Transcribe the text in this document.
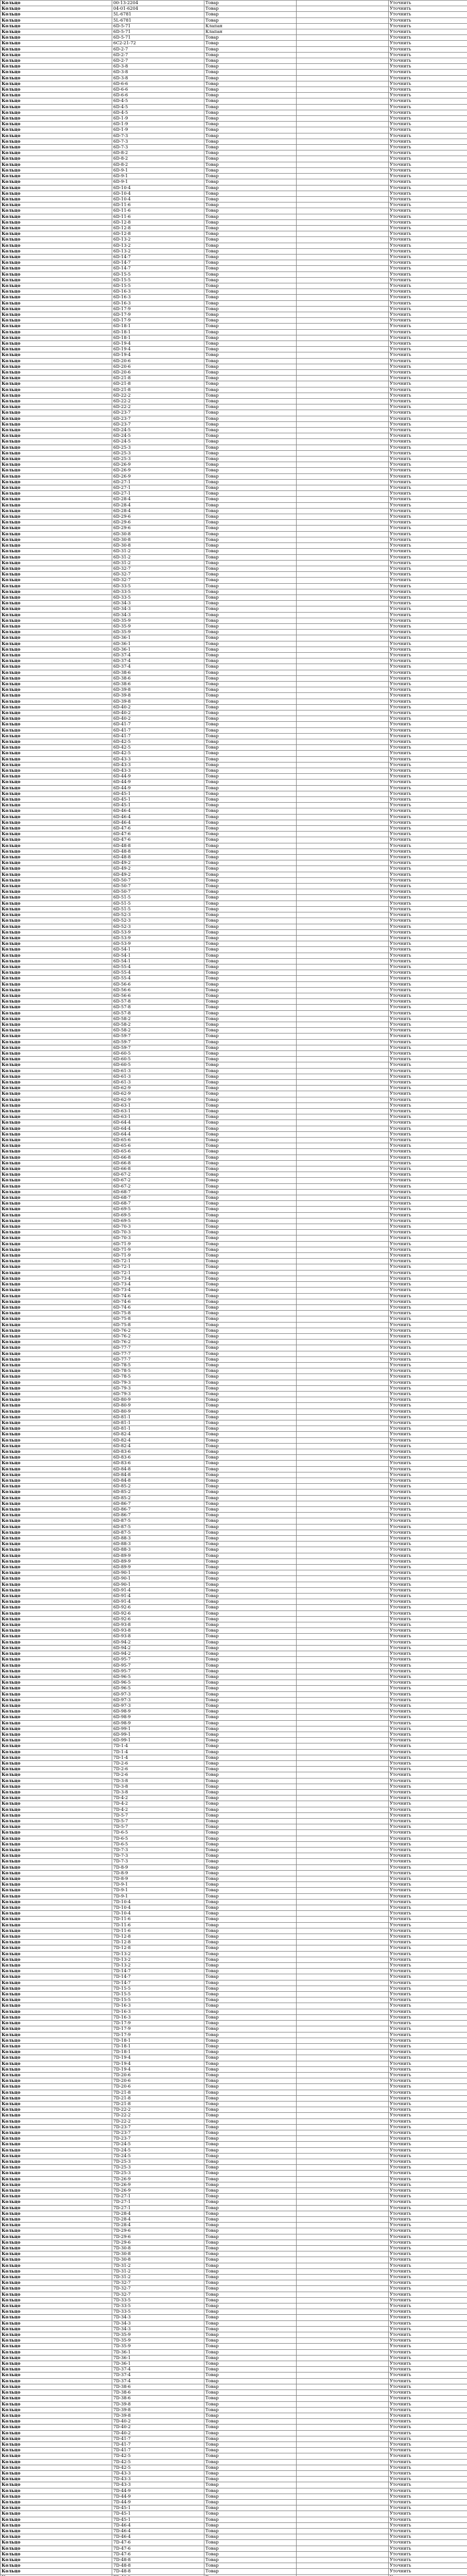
Кольцо	00-13-2204	Товар		Уточнить
Кольцо	04-01-6204	Товар		Уточнить
Кольцо	5L-6781	Товар		Уточнить
Кольцо	5L-6781	Товар		Уточнить
Кольцо	6D-5-71	Клапан		Уточнить
Кольцо	6D-5-71	Клапан		Уточнить
Кольцо	6D-5-71	Товар		Уточнить
Кольцо	6C2-21-72	Товар		Уточнить
Кольцо	6D-2-7	Товар		Уточнить
Кольцо	6D-2-7	Товар		Уточнить
Кольцо	6D-2-7	Товар		Уточнить
Кольцо	6D-3-8	Товар		Уточнить
Кольцо	6D-3-8	Товар		Уточнить
Кольцо	6D-3-8	Товар		Уточнить
Кольцо	6D-6-6	Товар		Уточнить
Кольцо	6D-6-6	Товар		Уточнить
Кольцо	6D-6-6	Товар		Уточнить
Кольцо	6D-4-5	Товар		Уточнить
Кольцо	6D-4-5	Товар		Уточнить
Кольцо	6D-4-5	Товар		Уточнить
Кольцо	6D-1-9	Товар		Уточнить
Кольцо	6D-1-9	Товар		Уточнить
Кольцо	6D-1-9	Товар		Уточнить
Кольцо	6D-7-3	Товар		Уточнить
Кольцо	6D-7-3	Товар		Уточнить
Кольцо	6D-7-3	Товар		Уточнить
Кольцо	6D-8-2	Товар		Уточнить
Кольцо	6D-8-2	Товар		Уточнить
Кольцо	6D-8-2	Товар		Уточнить
Кольцо	6D-9-1	Товар		Уточнить
Кольцо	6D-9-1	Товар		Уточнить
Кольцо	6D-9-1	Товар		Уточнить
Кольцо	6D-10-4	Товар		Уточнить
Кольцо	6D-10-4	Товар		Уточнить
Кольцо	6D-10-4	Товар		Уточнить
Кольцо	6D-11-6	Товар		Уточнить
Кольцо	6D-11-6	Товар		Уточнить
Кольцо	6D-11-6	Товар		Уточнить
Кольцо	6D-12-8	Товар		Уточнить
Кольцо	6D-12-8	Товар		Уточнить
Кольцо	6D-12-8	Товар		Уточнить
Кольцо	6D-13-2	Товар		Уточнить
Кольцо	6D-13-2	Товар		Уточнить
Кольцо	6D-13-2	Товар		Уточнить
Кольцо	6D-14-7	Товар		Уточнить
Кольцо	6D-14-7	Товар		Уточнить
Кольцо	6D-14-7	Товар		Уточнить
Кольцо	6D-15-5	Товар		Уточнить
Кольцо	6D-15-5	Товар		Уточнить
Кольцо	6D-15-5	Товар		Уточнить
Кольцо	6D-16-3	Товар		Уточнить
Кольцо	6D-16-3	Товар		Уточнить
Кольцо	6D-16-3	Товар		Уточнить
Кольцо	6D-17-9	Товар		Уточнить
Кольцо	6D-17-9	Товар		Уточнить
Кольцо	6D-17-9	Товар		Уточнить
Кольцо	6D-18-1	Товар		Уточнить
Кольцо	6D-18-1	Товар		Уточнить
Кольцо	6D-18-1	Товар		Уточнить
Кольцо	6D-19-4	Товар		Уточнить
Кольцо	6D-19-4	Товар		Уточнить
Кольцо	6D-19-4	Товар		Уточнить
Кольцо	6D-20-6	Товар		Уточнить
Кольцо	6D-20-6	Товар		Уточнить
Кольцо	6D-20-6	Товар		Уточнить
Кольцо	6D-21-8	Товар		Уточнить
Кольцо	6D-21-8	Товар		Уточнить
Кольцо	6D-21-8	Товар		Уточнить
Кольцо	6D-22-2	Товар		Уточнить
Кольцо	6D-22-2	Товар		Уточнить
Кольцо	6D-22-2	Товар		Уточнить
Кольцо	6D-23-7	Товар		Уточнить
Кольцо	6D-23-7	Товар		Уточнить
Кольцо	6D-23-7	Товар		Уточнить
Кольцо	6D-24-5	Товар		Уточнить
Кольцо	6D-24-5	Товар		Уточнить
Кольцо	6D-24-5	Товар		Уточнить
Кольцо	6D-25-3	Товар		Уточнить
Кольцо	6D-25-3	Товар		Уточнить
Кольцо	6D-25-3	Товар		Уточнить
Кольцо	6D-26-9	Товар		Уточнить
Кольцо	6D-26-9	Товар		Уточнить
Кольцо	6D-26-9	Товар		Уточнить
Кольцо	6D-27-1	Товар		Уточнить
Кольцо	6D-27-1	Товар		Уточнить
Кольцо	6D-27-1	Товар		Уточнить
Кольцо	6D-28-4	Товар		Уточнить
Кольцо	6D-28-4	Товар		Уточнить
Кольцо	6D-28-4	Товар		Уточнить
Кольцо	6D-29-6	Товар		Уточнить
Кольцо	6D-29-6	Товар		Уточнить
Кольцо	6D-29-6	Товар		Уточнить
Кольцо	6D-30-8	Товар		Уточнить
Кольцо	6D-30-8	Товар		Уточнить
Кольцо	6D-30-8	Товар		Уточнить
Кольцо	6D-31-2	Товар		Уточнить
Кольцо	6D-31-2	Товар		Уточнить
Кольцо	6D-31-2	Товар		Уточнить
Кольцо	6D-32-7	Товар		Уточнить
Кольцо	6D-32-7	Товар		Уточнить
Кольцо	6D-32-7	Товар		Уточнить
Кольцо	6D-33-5	Товар		Уточнить
Кольцо	6D-33-5	Товар		Уточнить
Кольцо	6D-33-5	Товар		Уточнить
Кольцо	6D-34-3	Товар		Уточнить
Кольцо	6D-34-3	Товар		Уточнить
Кольцо	6D-34-3	Товар		Уточнить
Кольцо	6D-35-9	Товар		Уточнить
Кольцо	6D-35-9	Товар		Уточнить
Кольцо	6D-35-9	Товар		Уточнить
Кольцо	6D-36-1	Товар		Уточнить
Кольцо	6D-36-1	Товар		Уточнить
Кольцо	6D-36-1	Товар		Уточнить
Кольцо	6D-37-4	Товар		Уточнить
Кольцо	6D-37-4	Товар		Уточнить
Кольцо	6D-37-4	Товар		Уточнить
Кольцо	6D-38-6	Товар		Уточнить
Кольцо	6D-38-6	Товар		Уточнить
Кольцо	6D-38-6	Товар		Уточнить
Кольцо	6D-39-8	Товар		Уточнить
Кольцо	6D-39-8	Товар		Уточнить
Кольцо	6D-39-8	Товар		Уточнить
Кольцо	6D-40-2	Товар		Уточнить
Кольцо	6D-40-2	Товар		Уточнить
Кольцо	6D-40-2	Товар		Уточнить
Кольцо	6D-41-7	Товар		Уточнить
Кольцо	6D-41-7	Товар		Уточнить
Кольцо	6D-41-7	Товар		Уточнить
Кольцо	6D-42-5	Товар		Уточнить
Кольцо	6D-42-5	Товар		Уточнить
Кольцо	6D-42-5	Товар		Уточнить
Кольцо	6D-43-3	Товар		Уточнить
Кольцо	6D-43-3	Товар		Уточнить
Кольцо	6D-43-3	Товар		Уточнить
Кольцо	6D-44-9	Товар		Уточнить
Кольцо	6D-44-9	Товар		Уточнить
Кольцо	6D-44-9	Товар		Уточнить
Кольцо	6D-45-1	Товар		Уточнить
Кольцо	6D-45-1	Товар		Уточнить
Кольцо	6D-45-1	Товар		Уточнить
Кольцо	6D-46-4	Товар		Уточнить
Кольцо	6D-46-4	Товар		Уточнить
Кольцо	6D-46-4	Товар		Уточнить
Кольцо	6D-47-6	Товар		Уточнить
Кольцо	6D-47-6	Товар		Уточнить
Кольцо	6D-47-6	Товар		Уточнить
Кольцо	6D-48-8	Товар		Уточнить
Кольцо	6D-48-8	Товар		Уточнить
Кольцо	6D-48-8	Товар		Уточнить
Кольцо	6D-49-2	Товар		Уточнить
Кольцо	6D-49-2	Товар		Уточнить
Кольцо	6D-49-2	Товар		Уточнить
Кольцо	6D-50-7	Товар		Уточнить
Кольцо	6D-50-7	Товар		Уточнить
Кольцо	6D-50-7	Товар		Уточнить
Кольцо	6D-51-5	Товар		Уточнить
Кольцо	6D-51-5	Товар		Уточнить
Кольцо	6D-51-5	Товар		Уточнить
Кольцо	6D-52-3	Товар		Уточнить
Кольцо	6D-52-3	Товар		Уточнить
Кольцо	6D-52-3	Товар		Уточнить
Кольцо	6D-53-9	Товар		Уточнить
Кольцо	6D-53-9	Товар		Уточнить
Кольцо	6D-53-9	Товар		Уточнить
Кольцо	6D-54-1	Товар		Уточнить
Кольцо	6D-54-1	Товар		Уточнить
Кольцо	6D-54-1	Товар		Уточнить
Кольцо	6D-55-4	Товар		Уточнить
Кольцо	6D-55-4	Товар		Уточнить
Кольцо	6D-55-4	Товар		Уточнить
Кольцо	6D-56-6	Товар		Уточнить
Кольцо	6D-56-6	Товар		Уточнить
Кольцо	6D-56-6	Товар		Уточнить
Кольцо	6D-57-8	Товар		Уточнить
Кольцо	6D-57-8	Товар		Уточнить
Кольцо	6D-57-8	Товар		Уточнить
Кольцо	6D-58-2	Товар		Уточнить
Кольцо	6D-58-2	Товар		Уточнить
Кольцо	6D-58-2	Товар		Уточнить
Кольцо	6D-59-7	Товар		Уточнить
Кольцо	6D-59-7	Товар		Уточнить
Кольцо	6D-59-7	Товар		Уточнить
Кольцо	6D-60-5	Товар		Уточнить
Кольцо	6D-60-5	Товар		Уточнить
Кольцо	6D-60-5	Товар		Уточнить
Кольцо	6D-61-3	Товар		Уточнить
Кольцо	6D-61-3	Товар		Уточнить
Кольцо	6D-61-3	Товар		Уточнить
Кольцо	6D-62-9	Товар		Уточнить
Кольцо	6D-62-9	Товар		Уточнить
Кольцо	6D-62-9	Товар		Уточнить
Кольцо	6D-63-1	Товар		Уточнить
Кольцо	6D-63-1	Товар		Уточнить
Кольцо	6D-63-1	Товар		Уточнить
Кольцо	6D-64-4	Товар		Уточнить
Кольцо	6D-64-4	Товар		Уточнить
Кольцо	6D-64-4	Товар		Уточнить
Кольцо	6D-65-6	Товар		Уточнить
Кольцо	6D-65-6	Товар		Уточнить
Кольцо	6D-65-6	Товар		Уточнить
Кольцо	6D-66-8	Товар		Уточнить
Кольцо	6D-66-8	Товар		Уточнить
Кольцо	6D-66-8	Товар		Уточнить
Кольцо	6D-67-2	Товар		Уточнить
Кольцо	6D-67-2	Товар		Уточнить
Кольцо	6D-67-2	Товар		Уточнить
Кольцо	6D-68-7	Товар		Уточнить
Кольцо	6D-68-7	Товар		Уточнить
Кольцо	6D-68-7	Товар		Уточнить
Кольцо	6D-69-5	Товар		Уточнить
Кольцо	6D-69-5	Товар		Уточнить
Кольцо	6D-69-5	Товар		Уточнить
Кольцо	6D-70-3	Товар		Уточнить
Кольцо	6D-70-3	Товар		Уточнить
Кольцо	6D-70-3	Товар		Уточнить
Кольцо	6D-71-9	Товар		Уточнить
Кольцо	6D-71-9	Товар		Уточнить
Кольцо	6D-71-9	Товар		Уточнить
Кольцо	6D-72-1	Товар		Уточнить
Кольцо	6D-72-1	Товар		Уточнить
Кольцо	6D-72-1	Товар		Уточнить
Кольцо	6D-73-4	Товар		Уточнить
Кольцо	6D-73-4	Товар		Уточнить
Кольцо	6D-73-4	Товар		Уточнить
Кольцо	6D-74-6	Товар		Уточнить
Кольцо	6D-74-6	Товар		Уточнить
Кольцо	6D-74-6	Товар		Уточнить
Кольцо	6D-75-8	Товар		Уточнить
Кольцо	6D-75-8	Товар		Уточнить
Кольцо	6D-75-8	Товар		Уточнить
Кольцо	6D-76-2	Товар		Уточнить
Кольцо	6D-76-2	Товар		Уточнить
Кольцо	6D-76-2	Товар		Уточнить
Кольцо	6D-77-7	Товар		Уточнить
Кольцо	6D-77-7	Товар		Уточнить
Кольцо	6D-77-7	Товар		Уточнить
Кольцо	6D-78-5	Товар		Уточнить
Кольцо	6D-78-5	Товар		Уточнить
Кольцо	6D-78-5	Товар		Уточнить
Кольцо	6D-79-3	Товар		Уточнить
Кольцо	6D-79-3	Товар		Уточнить
Кольцо	6D-79-3	Товар		Уточнить
Кольцо	6D-80-9	Товар		Уточнить
Кольцо	6D-80-9	Товар		Уточнить
Кольцо	6D-80-9	Товар		Уточнить
Кольцо	6D-81-1	Товар		Уточнить
Кольцо	6D-81-1	Товар		Уточнить
Кольцо	6D-81-1	Товар		Уточнить
Кольцо	6D-82-4	Товар		Уточнить
Кольцо	6D-82-4	Товар		Уточнить
Кольцо	6D-82-4	Товар		Уточнить
Кольцо	6D-83-6	Товар		Уточнить
Кольцо	6D-83-6	Товар		Уточнить
Кольцо	6D-83-6	Товар		Уточнить
Кольцо	6D-84-8	Товар		Уточнить
Кольцо	6D-84-8	Товар		Уточнить
Кольцо	6D-84-8	Товар		Уточнить
Кольцо	6D-85-2	Товар		Уточнить
Кольцо	6D-85-2	Товар		Уточнить
Кольцо	6D-85-2	Товар		Уточнить
Кольцо	6D-86-7	Товар		Уточнить
Кольцо	6D-86-7	Товар		Уточнить
Кольцо	6D-86-7	Товар		Уточнить
Кольцо	6D-87-5	Товар		Уточнить
Кольцо	6D-87-5	Товар		Уточнить
Кольцо	6D-87-5	Товар		Уточнить
Кольцо	6D-88-3	Товар		Уточнить
Кольцо	6D-88-3	Товар		Уточнить
Кольцо	6D-88-3	Товар		Уточнить
Кольцо	6D-89-9	Товар		Уточнить
Кольцо	6D-89-9	Товар		Уточнить
Кольцо	6D-89-9	Товар		Уточнить
Кольцо	6D-90-1	Товар		Уточнить
Кольцо	6D-90-1	Товар		Уточнить
Кольцо	6D-90-1	Товар		Уточнить
Кольцо	6D-91-4	Товар		Уточнить
Кольцо	6D-91-4	Товар		Уточнить
Кольцо	6D-91-4	Товар		Уточнить
Кольцо	6D-92-6	Товар		Уточнить
Кольцо	6D-92-6	Товар		Уточнить
Кольцо	6D-92-6	Товар		Уточнить
Кольцо	6D-93-8	Товар		Уточнить
Кольцо	6D-93-8	Товар		Уточнить
Кольцо	6D-93-8	Товар		Уточнить
Кольцо	6D-94-2	Товар		Уточнить
Кольцо	6D-94-2	Товар		Уточнить
Кольцо	6D-94-2	Товар		Уточнить
Кольцо	6D-95-7	Товар		Уточнить
Кольцо	6D-95-7	Товар		Уточнить
Кольцо	6D-95-7	Товар		Уточнить
Кольцо	6D-96-5	Товар		Уточнить
Кольцо	6D-96-5	Товар		Уточнить
Кольцо	6D-96-5	Товар		Уточнить
Кольцо	6D-97-3	Товар		Уточнить
Кольцо	6D-97-3	Товар		Уточнить
Кольцо	6D-97-3	Товар		Уточнить
Кольцо	6D-98-9	Товар		Уточнить
Кольцо	6D-98-9	Товар		Уточнить
Кольцо	6D-98-9	Товар		Уточнить
Кольцо	6D-99-1	Товар		Уточнить
Кольцо	6D-99-1	Товар		Уточнить
Кольцо	6D-99-1	Товар		Уточнить
Кольцо	7D-1-4	Товар		Уточнить
Кольцо	7D-1-4	Товар		Уточнить
Кольцо	7D-1-4	Товар		Уточнить
Кольцо	7D-2-6	Товар		Уточнить
Кольцо	7D-2-6	Товар		Уточнить
Кольцо	7D-2-6	Товар		Уточнить
Кольцо	7D-3-8	Товар		Уточнить
Кольцо	7D-3-8	Товар		Уточнить
Кольцо	7D-3-8	Товар		Уточнить
Кольцо	7D-4-2	Товар		Уточнить
Кольцо	7D-4-2	Товар		Уточнить
Кольцо	7D-4-2	Товар		Уточнить
Кольцо	7D-5-7	Товар		Уточнить
Кольцо	7D-5-7	Товар		Уточнить
Кольцо	7D-5-7	Товар		Уточнить
Кольцо	7D-6-5	Товар		Уточнить
Кольцо	7D-6-5	Товар		Уточнить
Кольцо	7D-6-5	Товар		Уточнить
Кольцо	7D-7-3	Товар		Уточнить
Кольцо	7D-7-3	Товар		Уточнить
Кольцо	7D-7-3	Товар		Уточнить
Кольцо	7D-8-9	Товар		Уточнить
Кольцо	7D-8-9	Товар		Уточнить
Кольцо	7D-8-9	Товар		Уточнить
Кольцо	7D-9-1	Товар		Уточнить
Кольцо	7D-9-1	Товар		Уточнить
Кольцо	7D-9-1	Товар		Уточнить
Кольцо	7D-10-4	Товар		Уточнить
Кольцо	7D-10-4	Товар		Уточнить
Кольцо	7D-10-4	Товар		Уточнить
Кольцо	7D-11-6	Товар		Уточнить
Кольцо	7D-11-6	Товар		Уточнить
Кольцо	7D-11-6	Товар		Уточнить
Кольцо	7D-12-8	Товар		Уточнить
Кольцо	7D-12-8	Товар		Уточнить
Кольцо	7D-12-8	Товар		Уточнить
Кольцо	7D-13-2	Товар		Уточнить
Кольцо	7D-13-2	Товар		Уточнить
Кольцо	7D-13-2	Товар		Уточнить
Кольцо	7D-14-7	Товар		Уточнить
Кольцо	7D-14-7	Товар		Уточнить
Кольцо	7D-14-7	Товар		Уточнить
Кольцо	7D-15-5	Товар		Уточнить
Кольцо	7D-15-5	Товар		Уточнить
Кольцо	7D-15-5	Товар		Уточнить
Кольцо	7D-16-3	Товар		Уточнить
Кольцо	7D-16-3	Товар		Уточнить
Кольцо	7D-16-3	Товар		Уточнить
Кольцо	7D-17-9	Товар		Уточнить
Кольцо	7D-17-9	Товар		Уточнить
Кольцо	7D-17-9	Товар		Уточнить
Кольцо	7D-18-1	Товар		Уточнить
Кольцо	7D-18-1	Товар		Уточнить
Кольцо	7D-18-1	Товар		Уточнить
Кольцо	7D-19-4	Товар		Уточнить
Кольцо	7D-19-4	Товар		Уточнить
Кольцо	7D-19-4	Товар		Уточнить
Кольцо	7D-20-6	Товар		Уточнить
Кольцо	7D-20-6	Товар		Уточнить
Кольцо	7D-20-6	Товар		Уточнить
Кольцо	7D-21-8	Товар		Уточнить
Кольцо	7D-21-8	Товар		Уточнить
Кольцо	7D-21-8	Товар		Уточнить
Кольцо	7D-22-2	Товар		Уточнить
Кольцо	7D-22-2	Товар		Уточнить
Кольцо	7D-22-2	Товар		Уточнить
Кольцо	7D-23-7	Товар		Уточнить
Кольцо	7D-23-7	Товар		Уточнить
Кольцо	7D-23-7	Товар		Уточнить
Кольцо	7D-24-5	Товар		Уточнить
Кольцо	7D-24-5	Товар		Уточнить
Кольцо	7D-24-5	Товар		Уточнить
Кольцо	7D-25-3	Товар		Уточнить
Кольцо	7D-25-3	Товар		Уточнить
Кольцо	7D-25-3	Товар		Уточнить
Кольцо	7D-26-9	Товар		Уточнить
Кольцо	7D-26-9	Товар		Уточнить
Кольцо	7D-26-9	Товар		Уточнить
Кольцо	7D-27-1	Товар		Уточнить
Кольцо	7D-27-1	Товар		Уточнить
Кольцо	7D-27-1	Товар		Уточнить
Кольцо	7D-28-4	Товар		Уточнить
Кольцо	7D-28-4	Товар		Уточнить
Кольцо	7D-28-4	Товар		Уточнить
Кольцо	7D-29-6	Товар		Уточнить
Кольцо	7D-29-6	Товар		Уточнить
Кольцо	7D-29-6	Товар		Уточнить
Кольцо	7D-30-8	Товар		Уточнить
Кольцо	7D-30-8	Товар		Уточнить
Кольцо	7D-30-8	Товар		Уточнить
Кольцо	7D-31-2	Товар		Уточнить
Кольцо	7D-31-2	Товар		Уточнить
Кольцо	7D-31-2	Товар		Уточнить
Кольцо	7D-32-7	Товар		Уточнить
Кольцо	7D-32-7	Товар		Уточнить
Кольцо	7D-32-7	Товар		Уточнить
Кольцо	7D-33-5	Товар		Уточнить
Кольцо	7D-33-5	Товар		Уточнить
Кольцо	7D-33-5	Товар		Уточнить
Кольцо	7D-34-3	Товар		Уточнить
Кольцо	7D-34-3	Товар		Уточнить
Кольцо	7D-34-3	Товар		Уточнить
Кольцо	7D-35-9	Товар		Уточнить
Кольцо	7D-35-9	Товар		Уточнить
Кольцо	7D-35-9	Товар		Уточнить
Кольцо	7D-36-1	Товар		Уточнить
Кольцо	7D-36-1	Товар		Уточнить
Кольцо	7D-36-1	Товар		Уточнить
Кольцо	7D-37-4	Товар		Уточнить
Кольцо	7D-37-4	Товар		Уточнить
Кольцо	7D-37-4	Товар		Уточнить
Кольцо	7D-38-6	Товар		Уточнить
Кольцо	7D-38-6	Товар		Уточнить
Кольцо	7D-38-6	Товар		Уточнить
Кольцо	7D-39-8	Товар		Уточнить
Кольцо	7D-39-8	Товар		Уточнить
Кольцо	7D-39-8	Товар		Уточнить
Кольцо	7D-40-2	Товар		Уточнить
Кольцо	7D-40-2	Товар		Уточнить
Кольцо	7D-40-2	Товар		Уточнить
Кольцо	7D-41-7	Товар		Уточнить
Кольцо	7D-41-7	Товар		Уточнить
Кольцо	7D-41-7	Товар		Уточнить
Кольцо	7D-42-5	Товар		Уточнить
Кольцо	7D-42-5	Товар		Уточнить
Кольцо	7D-42-5	Товар		Уточнить
Кольцо	7D-43-3	Товар		Уточнить
Кольцо	7D-43-3	Товар		Уточнить
Кольцо	7D-43-3	Товар		Уточнить
Кольцо	7D-44-9	Товар		Уточнить
Кольцо	7D-44-9	Товар		Уточнить
Кольцо	7D-44-9	Товар		Уточнить
Кольцо	7D-45-1	Товар		Уточнить
Кольцо	7D-45-1	Товар		Уточнить
Кольцо	7D-45-1	Товар		Уточнить
Кольцо	7D-46-4	Товар		Уточнить
Кольцо	7D-46-4	Товар		Уточнить
Кольцо	7D-46-4	Товар		Уточнить
Кольцо	7D-47-6	Товар		Уточнить
Кольцо	7D-47-6	Товар		Уточнить
Кольцо	7D-47-6	Товар		Уточнить
Кольцо	7D-48-8	Товар		Уточнить
Кольцо	7D-48-8	Товар		Уточнить
Кольцо	7D-48-8	Товар		Уточнить
